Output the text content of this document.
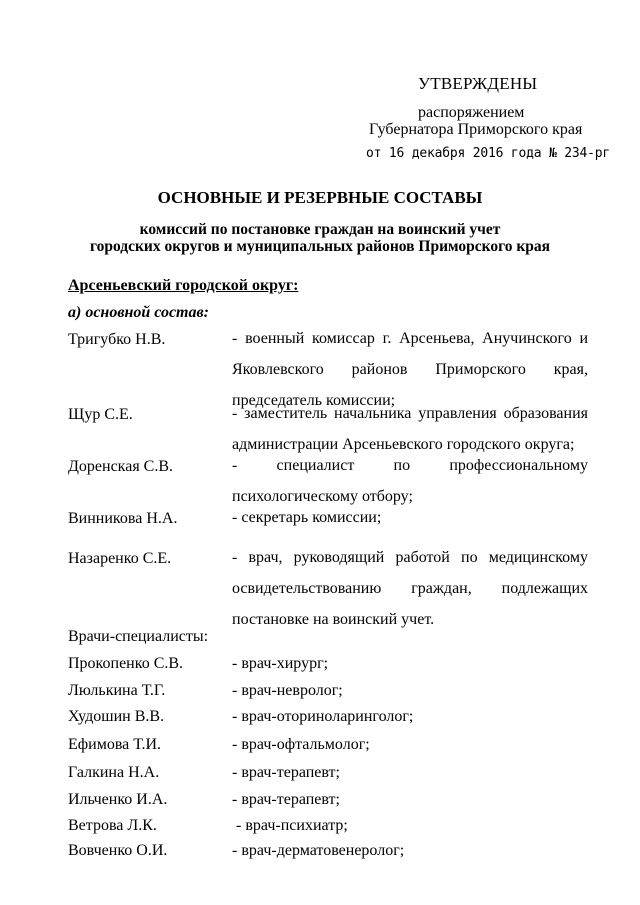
УТВЕРЖДЕНЫ
распоряжением
Губернатора Приморского края
от 16 декабря 2016 года № 234-рг
ОСНОВНЫЕ И РЕЗЕРВНЫЕ СОСТАВЫ
комиссий по постановке граждан на воинский учет
городских округов и муниципальных районов Приморского края
Арсеньевский городской округ:
а) основной состав:
Тригубко Н.В.	- военный комиссар г. Арсеньева, Анучинского и
Яковлевского районов Приморского края,
председатель комиссии;
Щур С.Е.	- заместитель начальника управления образования
администрации Арсеньевского городского округа;
Доренская С.В.	- специалист по профессиональному
психологическому отбору;
Винникова Н.А.	- секретарь комиссии;
Назаренко С.Е.	- врач, руководящий работой по медицинскому
освидетельствованию граждан, подлежащих
постановке на воинский учет.
Врачи-специалисты:
Прокопенко С.В.	- врач-хирург;
Люлькина Т.Г.	- врач-невролог;
Худошин В.В.	- врач-оториноларинголог;
Ефимова Т.И.	- врач-офтальмолог;
Галкина Н.А.	- врач-терапевт;
Ильченко И.А.	- врач-терапевт;
Ветрова Л.К.	- врач-психиатр;
Вовченко О.И.	- врач-дерматовенеролог;
